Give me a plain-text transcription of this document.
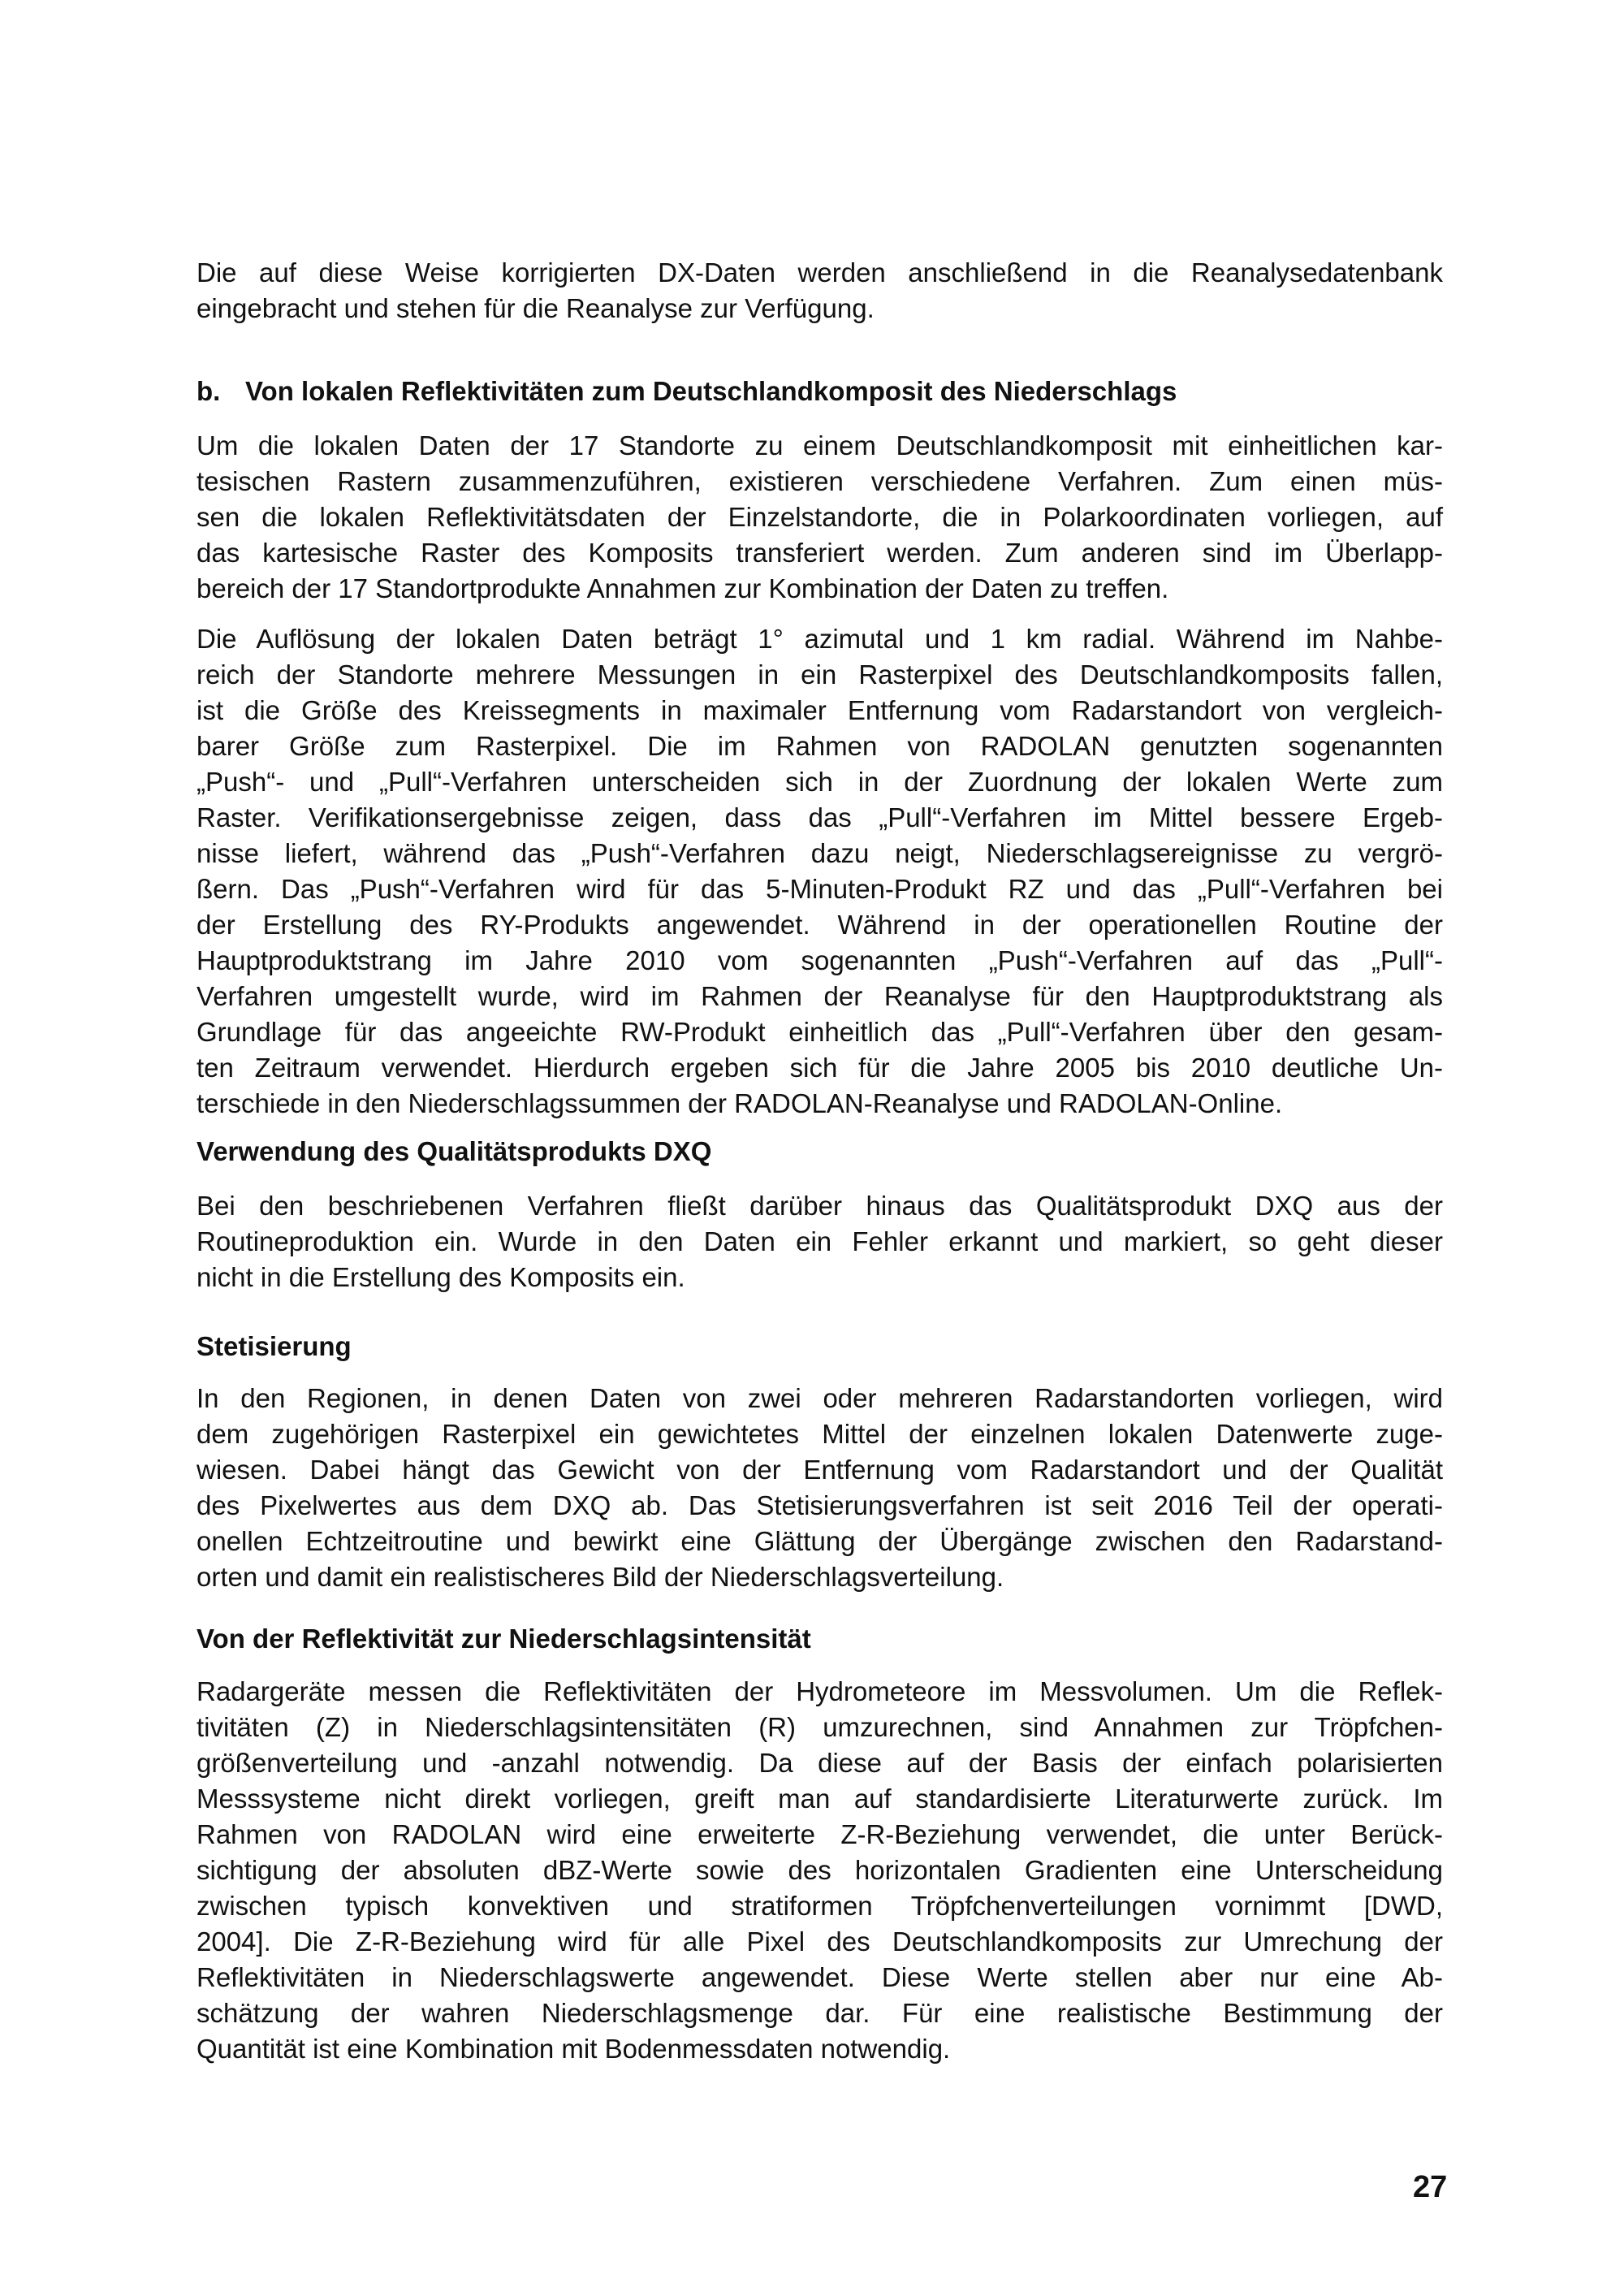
Die auf diese Weise korrigierten DX-Daten werden anschließend in die Reanalysedatenbank
eingebracht und stehen für die Reanalyse zur Verfügung.
b. Von lokalen Reflektivitäten zum Deutschlandkomposit des Niederschlags
Um die lokalen Daten der 17 Standorte zu einem Deutschlandkomposit mit einheitlichen kar-
tesischen Rastern zusammenzuführen, existieren verschiedene Verfahren. Zum einen müs-
sen die lokalen Reflektivitätsdaten der Einzelstandorte, die in Polarkoordinaten vorliegen, auf
das kartesische Raster des Komposits transferiert werden. Zum anderen sind im Überlapp-
bereich der 17 Standortprodukte Annahmen zur Kombination der Daten zu treffen.
Die Auflösung der lokalen Daten beträgt 1° azimutal und 1 km radial. Während im Nahbe-
reich der Standorte mehrere Messungen in ein Rasterpixel des Deutschlandkomposits fallen,
ist die Größe des Kreissegments in maximaler Entfernung vom Radarstandort von vergleich-
barer Größe zum Rasterpixel. Die im Rahmen von RADOLAN genutzten sogenannten
„Push“- und „Pull“-Verfahren unterscheiden sich in der Zuordnung der lokalen Werte zum
Raster. Verifikationsergebnisse zeigen, dass das „Pull“-Verfahren im Mittel bessere Ergeb-
nisse liefert, während das „Push“-Verfahren dazu neigt, Niederschlagsereignisse zu vergrö-
ßern. Das „Push“-Verfahren wird für das 5-Minuten-Produkt RZ und das „Pull“-Verfahren bei
der Erstellung des RY-Produkts angewendet. Während in der operationellen Routine der
Hauptproduktstrang im Jahre 2010 vom sogenannten „Push“-Verfahren auf das „Pull“-
Verfahren umgestellt wurde, wird im Rahmen der Reanalyse für den Hauptproduktstrang als
Grundlage für das angeeichte RW-Produkt einheitlich das „Pull“-Verfahren über den gesam-
ten Zeitraum verwendet. Hierdurch ergeben sich für die Jahre 2005 bis 2010 deutliche Un-
terschiede in den Niederschlagssummen der RADOLAN-Reanalyse und RADOLAN-Online.
Verwendung des Qualitätsprodukts DXQ
Bei den beschriebenen Verfahren fließt darüber hinaus das Qualitätsprodukt DXQ aus der
Routineproduktion ein. Wurde in den Daten ein Fehler erkannt und markiert, so geht dieser
nicht in die Erstellung des Komposits ein.
Stetisierung
In den Regionen, in denen Daten von zwei oder mehreren Radarstandorten vorliegen, wird
dem zugehörigen Rasterpixel ein gewichtetes Mittel der einzelnen lokalen Datenwerte zuge-
wiesen. Dabei hängt das Gewicht von der Entfernung vom Radarstandort und der Qualität
des Pixelwertes aus dem DXQ ab. Das Stetisierungsverfahren ist seit 2016 Teil der operati-
onellen Echtzeitroutine und bewirkt eine Glättung der Übergänge zwischen den Radarstand-
orten und damit ein realistischeres Bild der Niederschlagsverteilung.
Von der Reflektivität zur Niederschlagsintensität
Radargeräte messen die Reflektivitäten der Hydrometeore im Messvolumen. Um die Reflek-
tivitäten (Z) in Niederschlagsintensitäten (R) umzurechnen, sind Annahmen zur Tröpfchen-
größenverteilung und -anzahl notwendig. Da diese auf der Basis der einfach polarisierten
Messsysteme nicht direkt vorliegen, greift man auf standardisierte Literaturwerte zurück. Im
Rahmen von RADOLAN wird eine erweiterte Z-R-Beziehung verwendet, die unter Berück-
sichtigung der absoluten dBZ-Werte sowie des horizontalen Gradienten eine Unterscheidung
zwischen typisch konvektiven und stratiformen Tröpfchenverteilungen vornimmt [DWD,
2004]. Die Z-R-Beziehung wird für alle Pixel des Deutschlandkomposits zur Umrechung der
Reflektivitäten in Niederschlagswerte angewendet. Diese Werte stellen aber nur eine Ab-
schätzung der wahren Niederschlagsmenge dar. Für eine realistische Bestimmung der
Quantität ist eine Kombination mit Bodenmessdaten notwendig.
27
